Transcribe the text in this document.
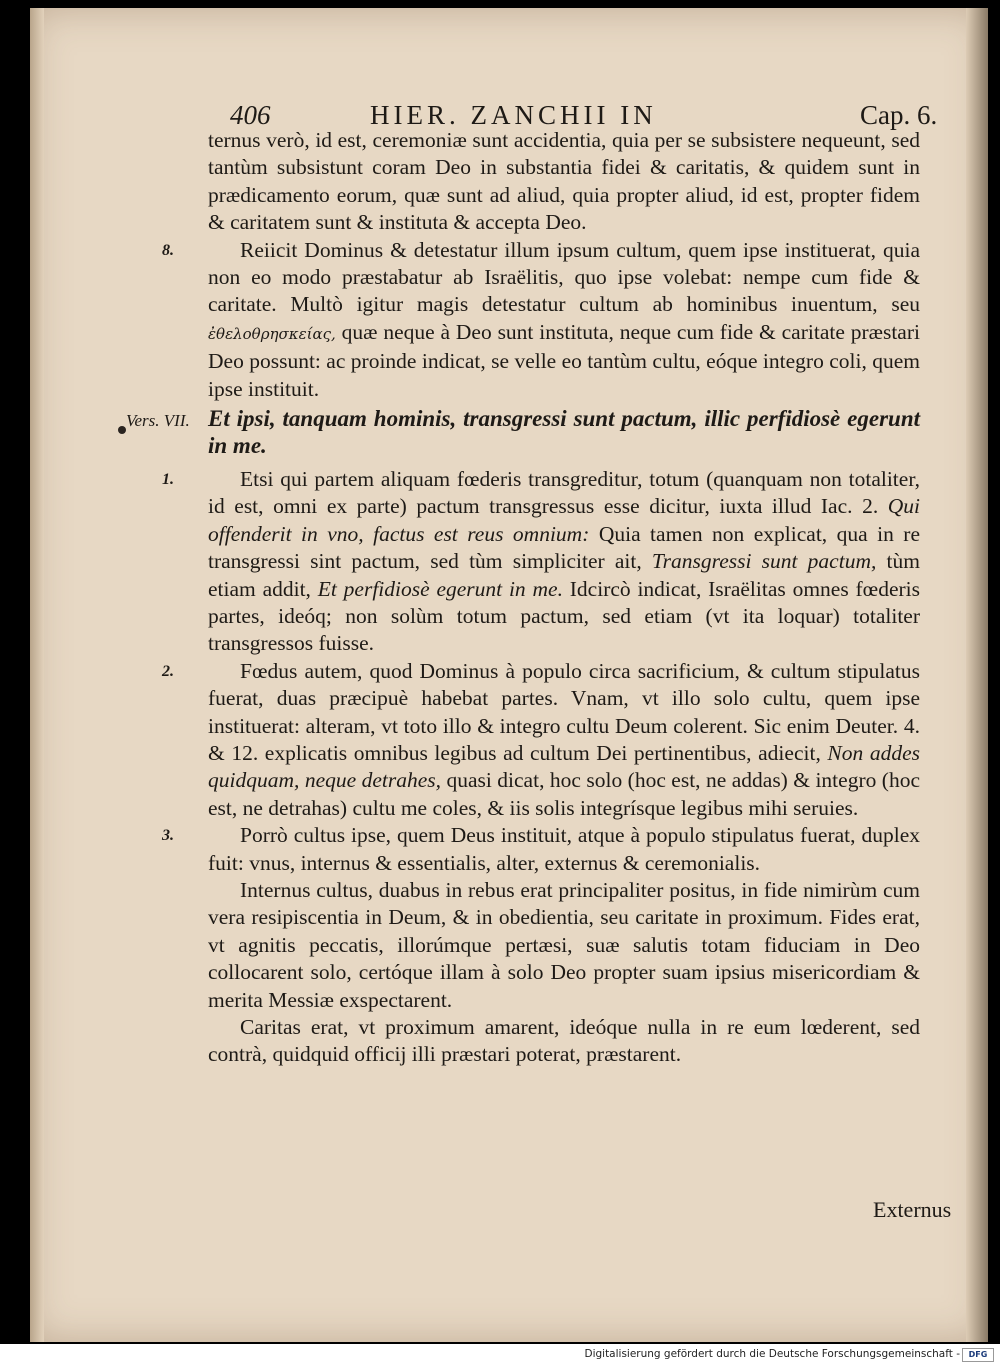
406	HIER. ZANCHII IN	Cap. 6.
Externus

ternus verò, id est, ceremoniæ sunt accidentia, quia per se subsistere nequeunt, sed tantùm subsistunt coram Deo in substantia fidei & caritatis, & quidem sunt in prædicamento eorum, quæ sunt ad aliud, quia propter aliud, id est, propter fidem & caritatem sunt & instituta & accepta Deo.

8.	Reiicit Dominus & detestatur illum ipsum cultum, quem ipse instituerat, quia non eo modo præstabatur ab Israëlitis, quo ipse volebat: nempe cum fide & caritate. Multò igitur magis detestatur cultum ab hominibus inuentum, seu ἐθελοθρησκείας, quæ neque à Deo sunt instituta, neque cum fide & caritate præstari Deo possunt: ac proinde indicat, se velle eo tantùm cultu, eóque integro coli, quem ipse instituit.

Vers. VII. Et ipsi, tanquam hominis, transgressi sunt pactum, illic perfidiosè egerunt in me.

1.	Etsi qui partem aliquam fœderis transgreditur, totum (quanquam non totaliter, id est, omni ex parte) pactum transgressus esse dicitur, iuxta illud Iac. 2. Qui offenderit in vno, factus est reus omnium: Quia tamen non explicat, qua in re transgressi sint pactum, sed tùm simpliciter ait, Transgressi sunt pactum, tùm etiam addit, Et perfidiosè egerunt in me. Idcircò indicat, Israëlitas omnes fœderis partes, ideóq; non solùm totum pactum, sed etiam (vt ita loquar) totaliter transgressos fuisse.

2.	Fœdus autem, quod Dominus à populo circa sacrificium, & cultum stipulatus fuerat, duas præcipuè habebat partes. Vnam, vt illo solo cultu, quem ipse instituerat: alteram, vt toto illo & integro cultu Deum colerent. Sic enim Deuter. 4. & 12. explicatis omnibus legibus ad cultum Dei pertinentibus, adiecit, Non addes quidquam, neque detrahes, quasi dicat, hoc solo (hoc est, ne addas) & integro (hoc est, ne detrahas) cultu me coles, & iis solis integrísque legibus mihi seruies.

3.	Porrò cultus ipse, quem Deus instituit, atque à populo stipulatus fuerat, duplex fuit: vnus, internus & essentialis, alter, externus & ceremonialis.

Internus cultus, duabus in rebus erat principaliter positus, in fide nimirùm cum vera resipiscentia in Deum, & in obedientia, seu caritate in proximum. Fides erat, vt agnitis peccatis, illorúmque pertæsi, suæ salutis totam fiduciam in Deo collocarent solo, certóque illam à solo Deo propter suam ipsius misericordiam & merita Messiæ exspectarent.

Caritas erat, vt proximum amarent, ideóque nulla in re eum lœderent, sed contrà, quidquid officij illi præstari poterat, præstarent.

Digitalisierung gefördert durch die Deutsche Forschungsgemeinschaft -	DFG
